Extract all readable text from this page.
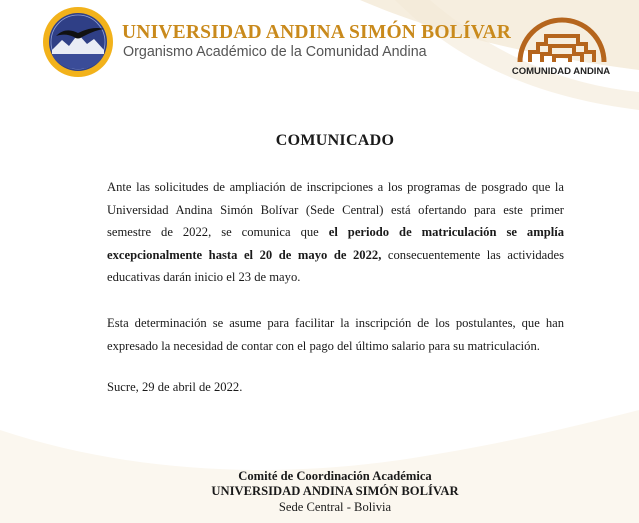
UNIVERSIDAD ANDINA SIMÓN BOLÍVAR
Organismo Académico de la Comunidad Andina
COMUNIDAD ANDINA
COMUNICADO
Ante las solicitudes de ampliación de inscripciones a los programas de posgrado que la Universidad Andina Simón Bolívar (Sede Central) está ofertando para este primer semestre de 2022, se comunica que el periodo de matriculación se amplía excepcionalmente hasta el 20 de mayo de 2022, consecuentemente las actividades educativas darán inicio el 23 de mayo.
Esta determinación se asume para facilitar la inscripción de los postulantes, que han expresado la necesidad de contar con el pago del último salario para su matriculación.
Sucre, 29 de abril de 2022.
Comité de Coordinación Académica
UNIVERSIDAD ANDINA SIMÓN BOLÍVAR
Sede Central - Bolivia
